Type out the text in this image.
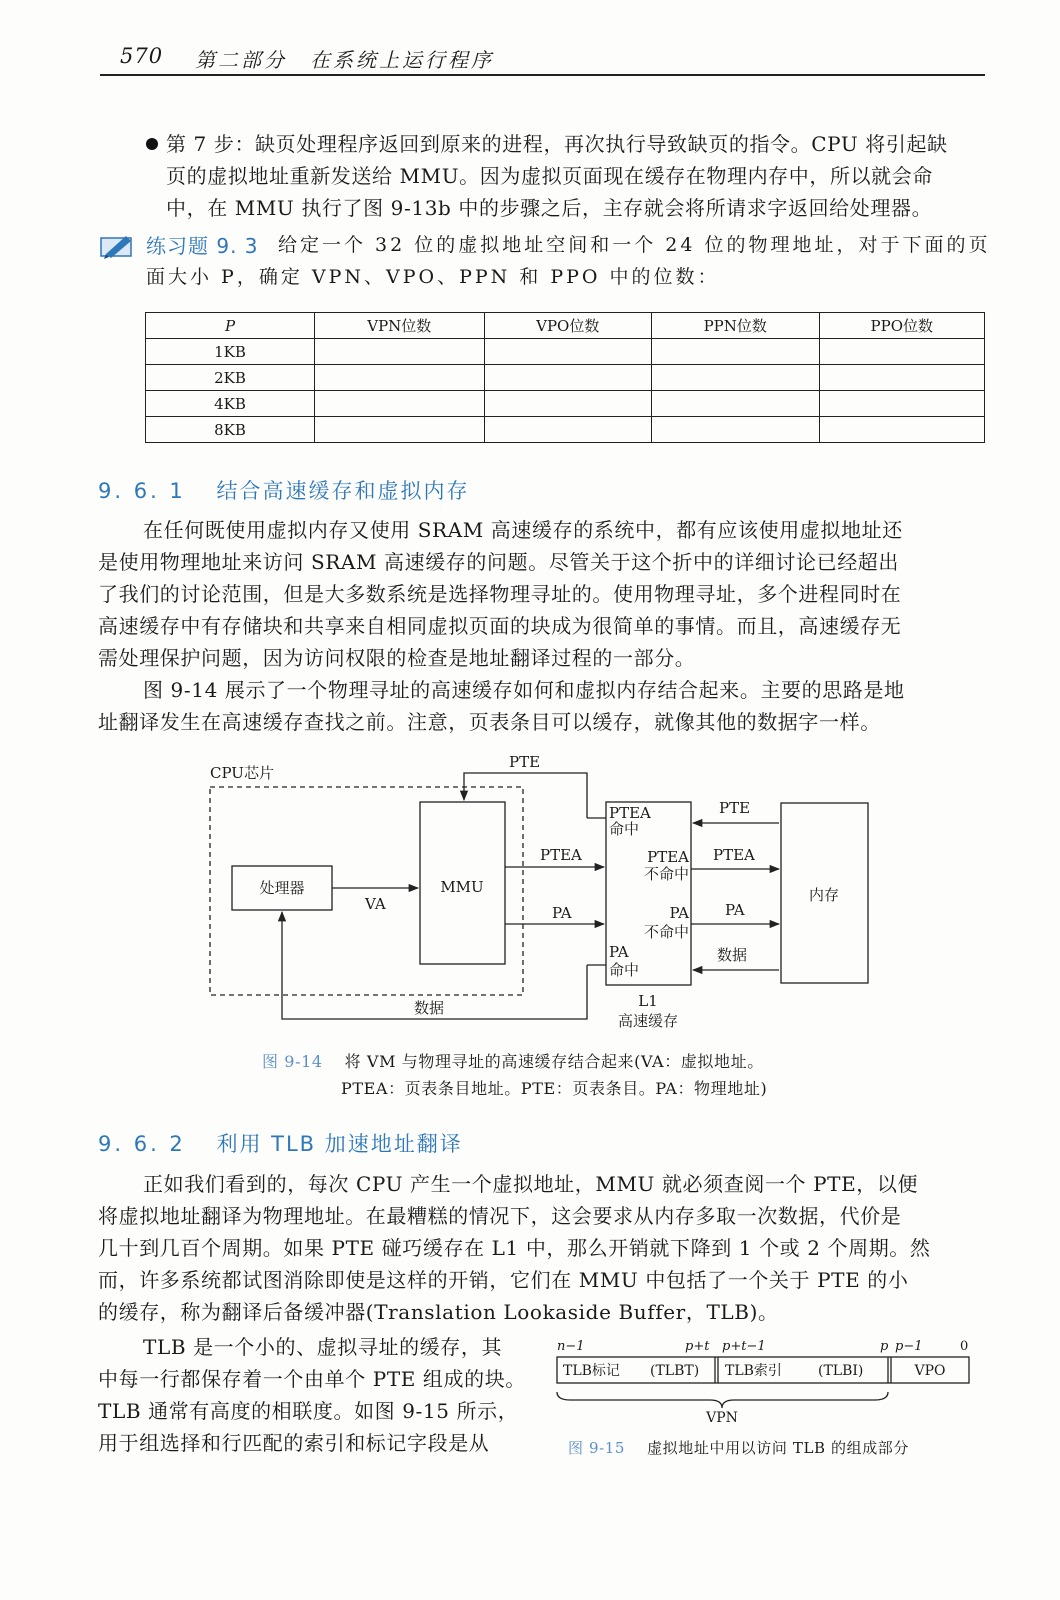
570 第二部分　在系统上运行程序
第 7 步：缺页处理程序返回到原来的进程，再次执行导致缺页的指令。CPU 将引起缺
页的虚拟地址重新发送给 MMU。因为虚拟页面现在缓存在物理内存中，所以就会命
中，在 MMU 执行了图 9-13b 中的步骤之后，主存就会将所请求字返回给处理器。
练习题 9. 3 给定一个 32 位的虚拟地址空间和一个 24 位的物理地址，对于下面的页
面大小 P，确定 VPN、VPO、PPN 和 PPO 中的位数：
P	VPN位数	VPO位数	PPN位数	PPO位数
1KB				
2KB				
4KB				
8KB				
9. 6. 1 结合高速缓存和虚拟内存
在任何既使用虚拟内存又使用 SRAM 高速缓存的系统中，都有应该使用虚拟地址还
是使用物理地址来访问 SRAM 高速缓存的问题。尽管关于这个折中的详细讨论已经超出
了我们的讨论范围，但是大多数系统是选择物理寻址的。使用物理寻址，多个进程同时在
高速缓存中有存储块和共享来自相同虚拟页面的块成为很简单的事情。而且，高速缓存无
需处理保护问题，因为访问权限的检查是地址翻译过程的一部分。
图 9-14 展示了一个物理寻址的高速缓存如何和虚拟内存结合起来。主要的思路是地
址翻译发生在高速缓存查找之前。注意，页表条目可以缓存，就像其他的数据字一样。
CPU芯片
PTE
处理器
VA
MMU
PTEA
PA
数据
PTEA
命中
PTEA
不命中
PA
不命中
PA
命中
PTE
PTEA
PA
数据
内存
L1
高速缓存
图 9-14 将 VM 与物理寻址的高速缓存结合起来(VA：虚拟地址。
PTEA：页表条目地址。PTE：页表条目。PA：物理地址)
9. 6. 2 利用 TLB 加速地址翻译
正如我们看到的，每次 CPU 产生一个虚拟地址，MMU 就必须查阅一个 PTE，以便
将虚拟地址翻译为物理地址。在最糟糕的情况下，这会要求从内存多取一次数据，代价是
几十到几百个周期。如果 PTE 碰巧缓存在 L1 中，那么开销就下降到 1 个或 2 个周期。然
而，许多系统都试图消除即使是这样的开销，它们在 MMU 中包括了一个关于 PTE 的小
的缓存，称为翻译后备缓冲器(Translation Lookaside Buffer，TLB)。
TLB 是一个小的、虚拟寻址的缓存，其
中每一行都保存着一个由单个 PTE 组成的块。
TLB 通常有高度的相联度。如图 9-15 所示，
用于组选择和行匹配的索引和标记字段是从
n−1	p+t p+t−1	p p−1	0
TLB标记 (TLBT) TLB索引	(TLBI)	VPO
VPN
图 9-15 虚拟地址中用以访问 TLB 的组成部分
